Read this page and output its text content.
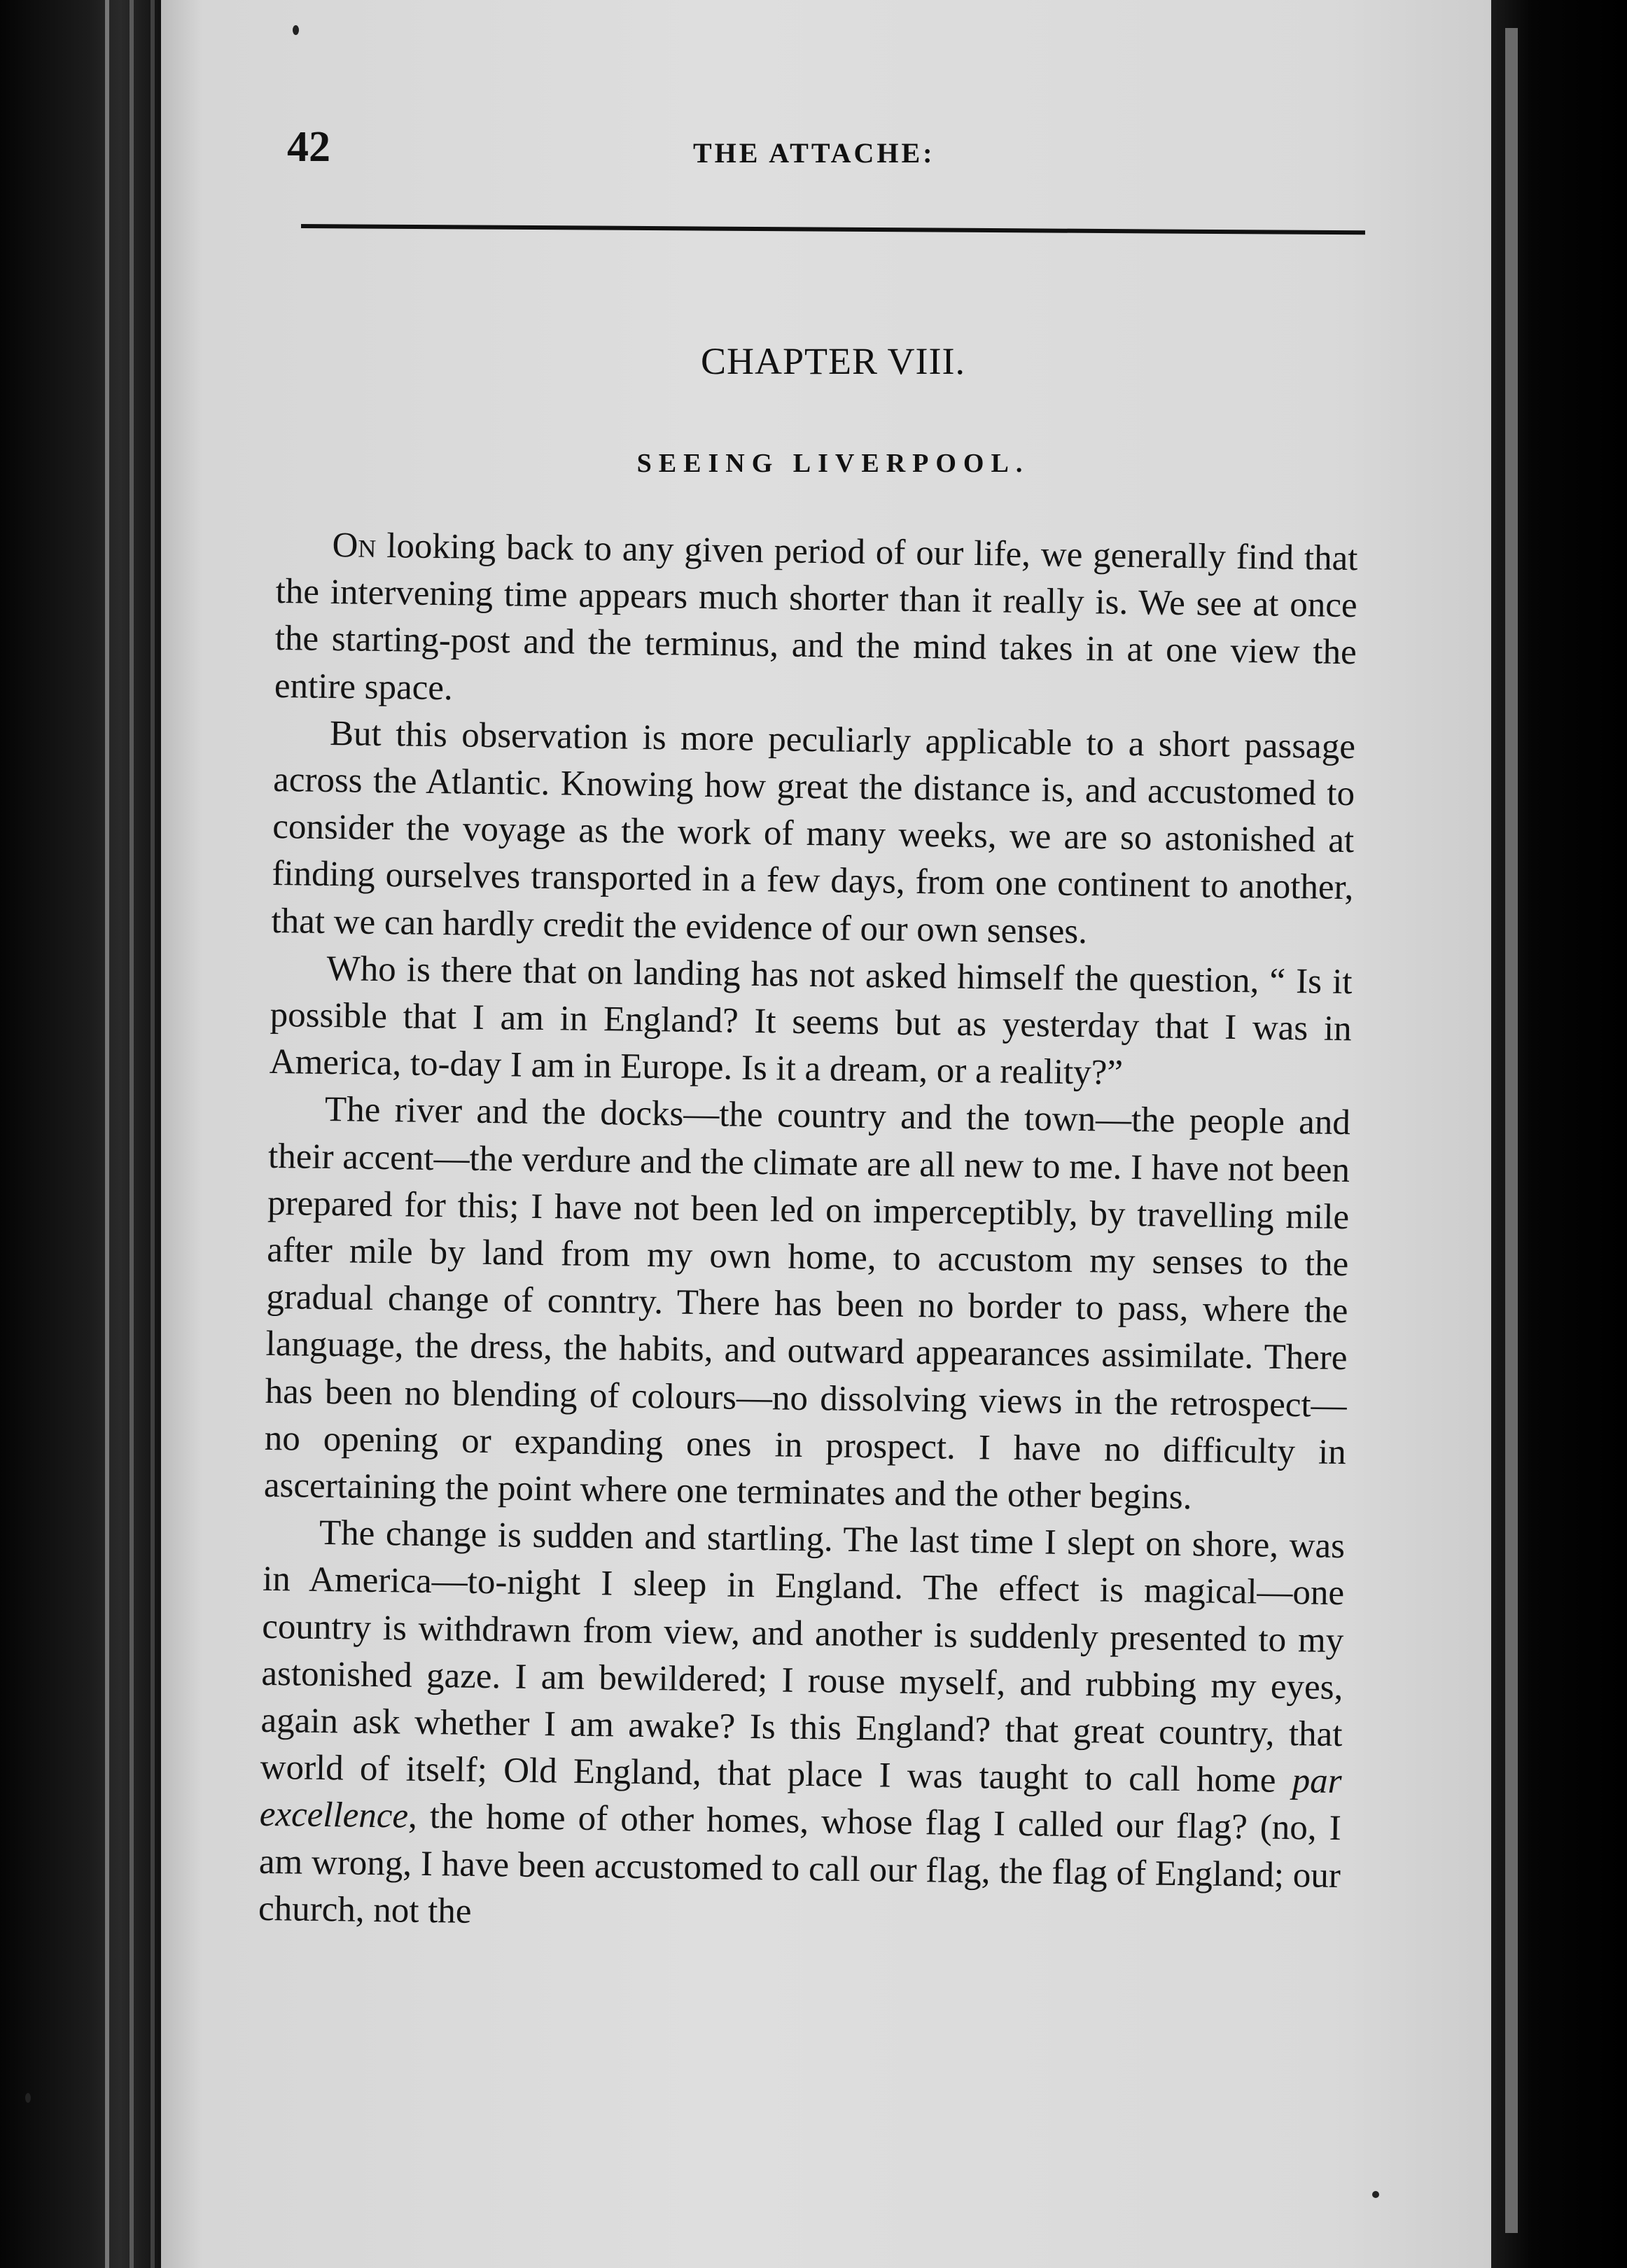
42	THE ATTACHE:
CHAPTER VIII.
SEEING LIVERPOOL.

On looking back to any given period of our life, we generally find that the intervening time appears much shorter than it really is. We see at once the starting-post and the terminus, and the mind takes in at one view the entire space.

But this observation is more peculiarly applicable to a short passage across the Atlantic. Knowing how great the distance is, and accustomed to consider the voyage as the work of many weeks, we are so astonished at finding ourselves transported in a few days, from one continent to another, that we can hardly credit the evidence of our own senses.

Who is there that on landing has not asked himself the question, “ Is it possible that I am in England? It seems but as yesterday that I was in America, to-day I am in Europe. Is it a dream, or a reality?”

The river and the docks—the country and the town—the people and their accent—the verdure and the climate are all new to me. I have not been prepared for this; I have not been led on imperceptibly, by travelling mile after mile by land from my own home, to accustom my senses to the gradual change of conntry. There has been no border to pass, where the language, the dress, the habits, and outward appearances assimilate. There has been no blending of colours—no dissolving views in the retrospect—no opening or expanding ones in prospect. I have no difficulty in ascertaining the point where one terminates and the other begins.

The change is sudden and startling. The last time I slept on shore, was in America—to-night I sleep in England. The effect is magical—one country is withdrawn from view, and another is suddenly presented to my astonished gaze. I am bewildered; I rouse myself, and rubbing my eyes, again ask whether I am awake? Is this England? that great country, that world of itself; Old England, that place I was taught to call home par excellence, the home of other homes, whose flag I called our flag? (no, I am wrong, I have been accustomed to call our flag, the flag of England; our church, not the
